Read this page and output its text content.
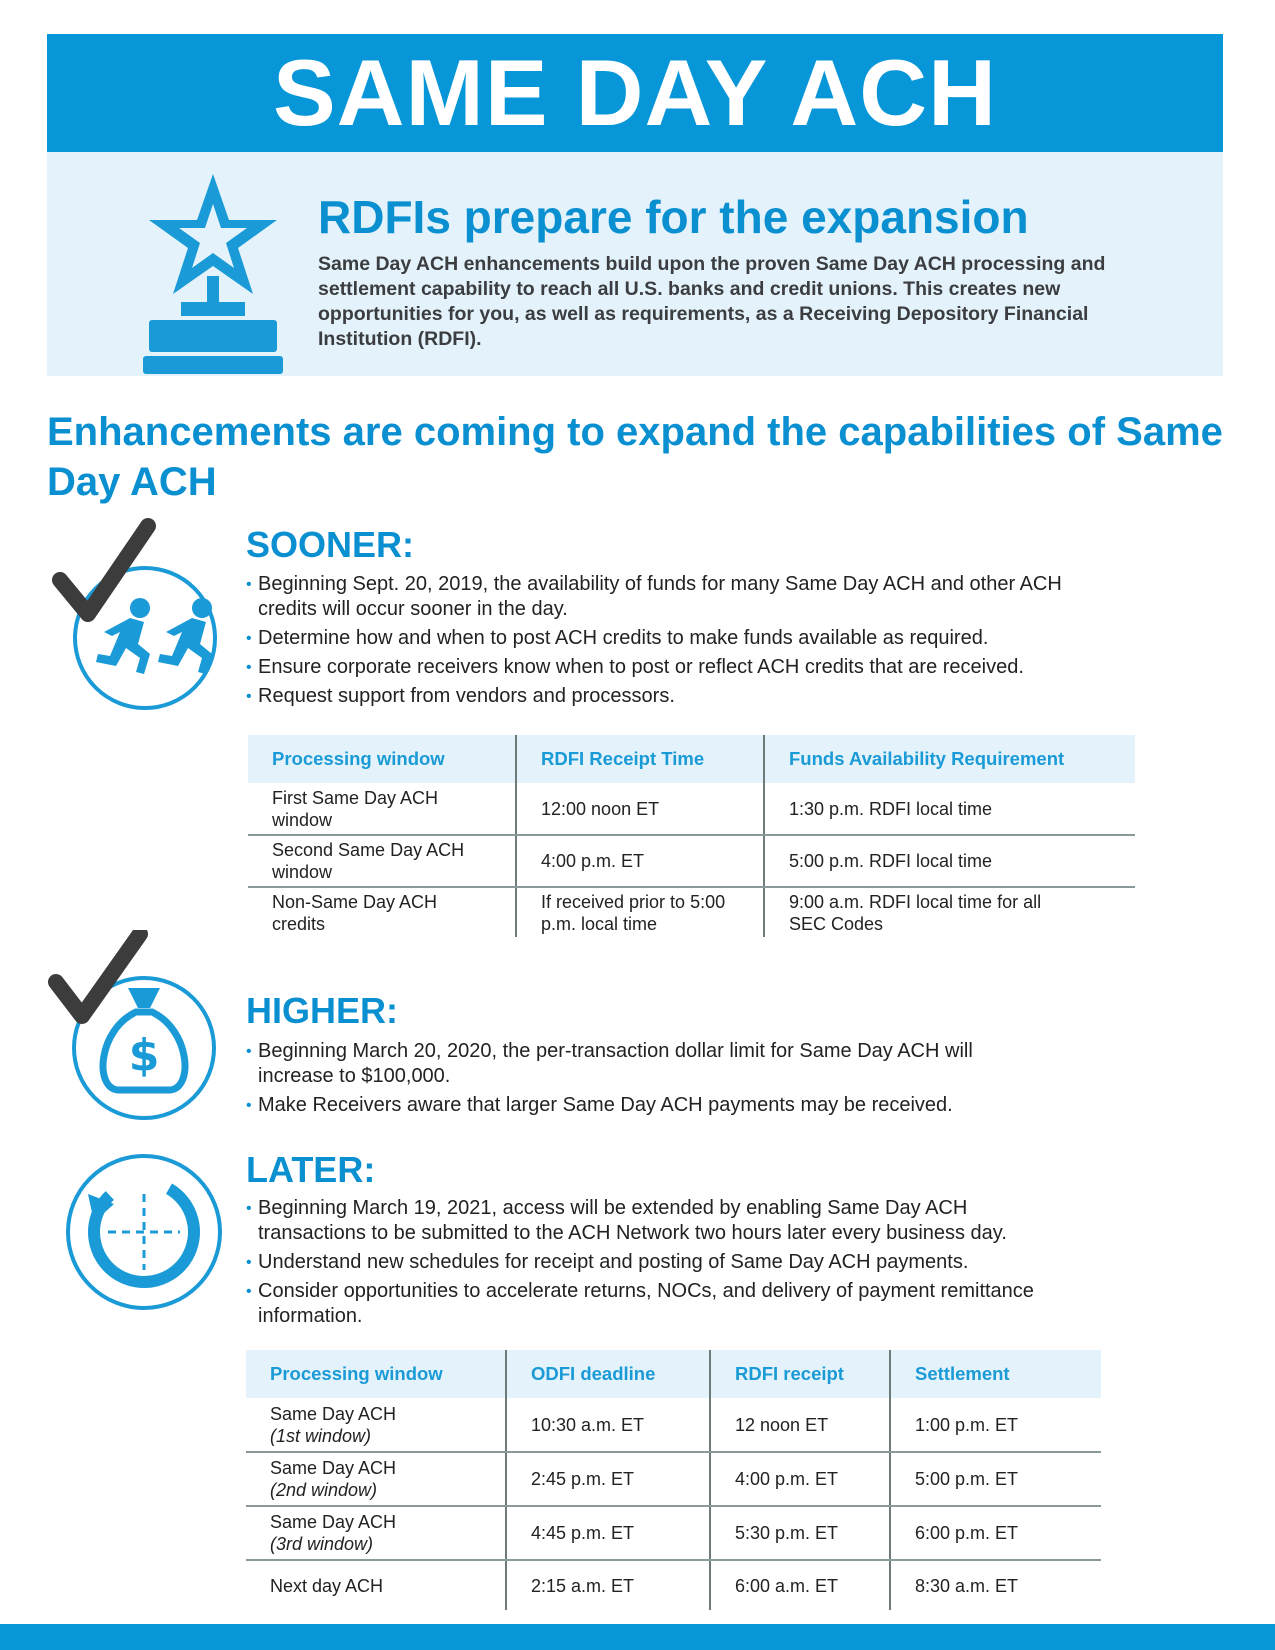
SAME DAY ACH
RDFIs prepare for the expansion
Same Day ACH enhancements build upon the proven Same Day ACH processing and settlement capability to reach all U.S. banks and credit unions. This creates new opportunities for you, as well as requirements, as a Receiving Depository Financial Institution (RDFI).
Enhancements are coming to expand the capabilities of Same Day ACH
SOONER:
• Beginning Sept. 20, 2019, the availability of funds for many Same Day ACH and other ACH credits will occur sooner in the day.
• Determine how and when to post ACH credits to make funds available as required.
• Ensure corporate receivers know when to post or reflect ACH credits that are received.
• Request support from vendors and processors.
Processing window	RDFI Receipt Time	Funds Availability Requirement
First Same Day ACH window	12:00 noon ET	1:30 p.m. RDFI local time
Second Same Day ACH window	4:00 p.m. ET	5:00 p.m. RDFI local time
Non-Same Day ACH credits	If received prior to 5:00 p.m. local time	9:00 a.m. RDFI local time for all SEC Codes
$
HIGHER:
• Beginning March 20, 2020, the per-transaction dollar limit for Same Day ACH will increase to $100,000.
• Make Receivers aware that larger Same Day ACH payments may be received.
LATER:
• Beginning March 19, 2021, access will be extended by enabling Same Day ACH transactions to be submitted to the ACH Network two hours later every business day.
• Understand new schedules for receipt and posting of Same Day ACH payments.
• Consider opportunities to accelerate returns, NOCs, and delivery of payment remittance information.
Processing window	ODFI deadline	RDFI receipt	Settlement

Same Day ACH
(1st window)	10:30 a.m. ET	12 noon ET	1:00 p.m. ET

Same Day ACH
(2nd window)	2:45 p.m. ET	4:00 p.m. ET	5:00 p.m. ET

Same Day ACH
(3rd window)	4:45 p.m. ET	5:30 p.m. ET	6:00 p.m. ET

Next day ACH	2:15 a.m. ET	6:00 a.m. ET	8:30 a.m. ET
